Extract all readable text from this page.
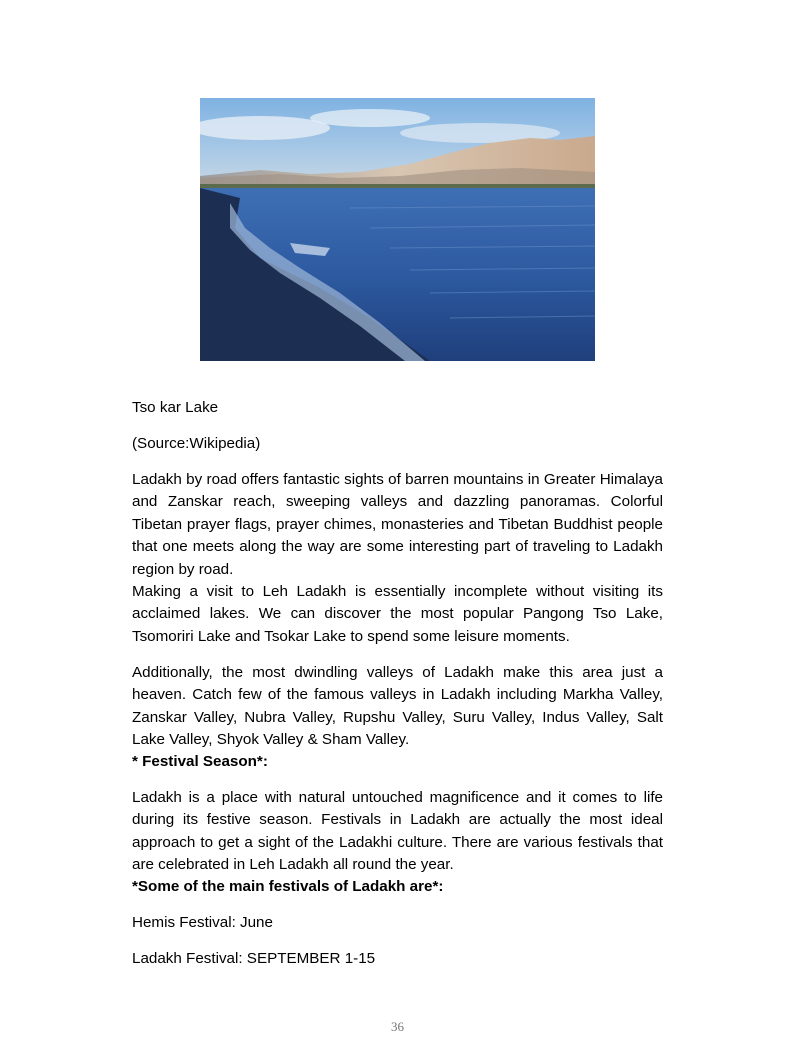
Tso kar Lake
(Source:Wikipedia)
Ladakh by road offers fantastic sights of barren mountains in Greater Himalaya and Zanskar reach, sweeping valleys and dazzling panoramas. Colorful Tibetan prayer flags, prayer chimes, monasteries and Tibetan Buddhist people that one meets along the way are some interesting part of traveling to Ladakh region by road.
Making a visit to Leh Ladakh is essentially incomplete without visiting its acclaimed lakes. We can discover the most popular Pangong Tso Lake, Tsomoriri Lake and Tsokar Lake to spend some leisure moments.
Additionally, the most dwindling valleys of Ladakh make this area just a heaven. Catch few of the famous valleys in Ladakh including Markha Valley, Zanskar Valley, Nubra Valley, Rupshu Valley, Suru Valley, Indus Valley, Salt Lake Valley, Shyok Valley & Sham Valley.
* Festival Season*:
Ladakh is a place with natural untouched magnificence and it comes to life during its festive season. Festivals in Ladakh are actually the most ideal approach to get a sight of the Ladakhi culture. There are various festivals that are celebrated in Leh Ladakh all round the year.
*Some of the main festivals of Ladakh are*:
Hemis Festival: June
Ladakh Festival: SEPTEMBER 1-15
36
